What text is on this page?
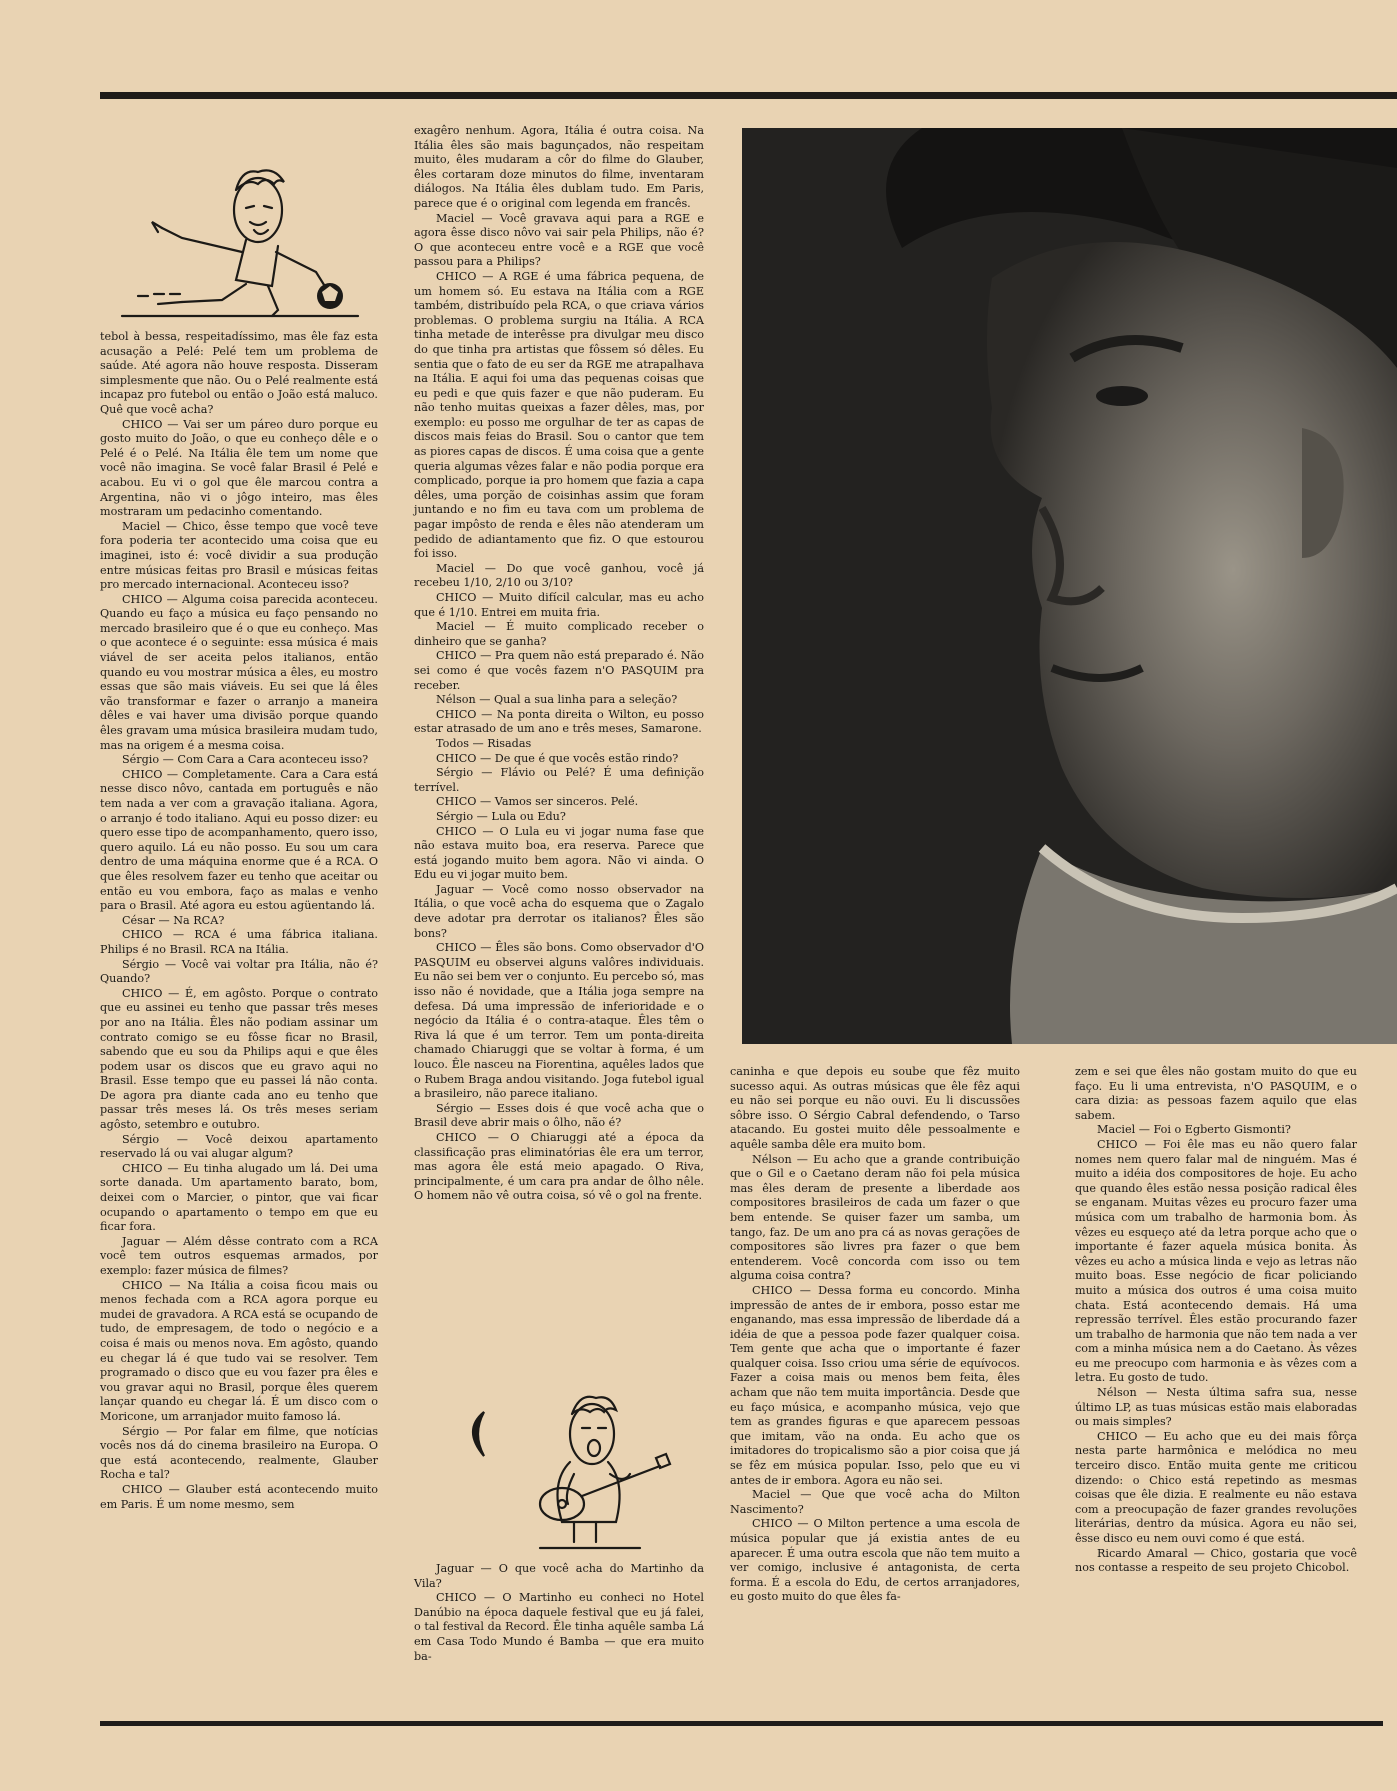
tebol à bessa, respeitadíssimo, mas êle faz esta acusação a Pelé: Pelé tem um problema de saúde. Até agora não houve resposta. Disseram simplesmente que não. Ou o Pelé realmente está incapaz pro futebol ou então o João está maluco. Quê que você acha?

CHICO — Vai ser um páreo duro porque eu gosto muito do João, o que eu conheço dêle e o Pelé é o Pelé. Na Itália êle tem um nome que você não imagina. Se você falar Brasil é Pelé e acabou. Eu vi o gol que êle marcou contra a Argentina, não vi o jôgo inteiro, mas êles mostraram um pedacinho comentando.

Maciel — Chico, êsse tempo que você teve fora poderia ter acontecido uma coisa que eu imaginei, isto é: você dividir a sua produção entre músicas feitas pro Brasil e músicas feitas pro mercado internacional. Aconteceu isso?

CHICO — Alguma coisa parecida aconteceu. Quando eu faço a música eu faço pensando no mercado brasileiro que é o que eu conheço. Mas o que acontece é o seguinte: essa música é mais viável de ser aceita pelos italianos, então quando eu vou mostrar música a êles, eu mostro essas que são mais viáveis. Eu sei que lá êles vão transformar e fazer o arranjo a maneira dêles e vai haver uma divisão porque quando êles gravam uma música brasileira mudam tudo, mas na origem é a mesma coisa.

Sérgio — Com Cara a Cara aconteceu isso?

CHICO — Completamente. Cara a Cara está nesse disco nôvo, cantada em português e não tem nada a ver com a gravação italiana. Agora, o arranjo é todo italiano. Aqui eu posso dizer: eu quero esse tipo de acompanhamento, quero isso, quero aquilo. Lá eu não posso. Eu sou um cara dentro de uma máquina enorme que é a RCA. O que êles resolvem fazer eu tenho que aceitar ou então eu vou embora, faço as malas e venho para o Brasil. Até agora eu estou agüentando lá.

César — Na RCA?

CHICO — RCA é uma fábrica italiana. Philips é no Brasil. RCA na Itália.

Sérgio — Você vai voltar pra Itália, não é? Quando?

CHICO — É, em agôsto. Porque o contrato que eu assinei eu tenho que passar três meses por ano na Itália. Êles não podiam assinar um contrato comigo se eu fôsse ficar no Brasil, sabendo que eu sou da Philips aqui e que êles podem usar os discos que eu gravo aqui no Brasil. Esse tempo que eu passei lá não conta. De agora pra diante cada ano eu tenho que passar três meses lá. Os três meses seriam agôsto, setembro e outubro.

Sérgio — Você deixou apartamento reservado lá ou vai alugar algum?

CHICO — Eu tinha alugado um lá. Dei uma sorte danada. Um apartamento barato, bom, deixei com o Marcier, o pintor, que vai ficar ocupando o apartamento o tempo em que eu ficar fora.

Jaguar — Além dêsse contrato com a RCA você tem outros esquemas armados, por exemplo: fazer música de filmes?

CHICO — Na Itália a coisa ficou mais ou menos fechada com a RCA agora porque eu mudei de gravadora. A RCA está se ocupando de tudo, de empresagem, de todo o negócio e a coisa é mais ou menos nova. Em agôsto, quando eu chegar lá é que tudo vai se resolver. Tem programado o disco que eu vou fazer pra êles e vou gravar aqui no Brasil, porque êles querem lançar quando eu chegar lá. É um disco com o Moricone, um arranjador muito famoso lá.

Sérgio — Por falar em filme, que notícias vocês nos dá do cinema brasileiro na Europa. O que está acontecendo, realmente, Glauber Rocha e tal?

CHICO — Glauber está acontecendo muito em Paris. É um nome mesmo, sem

exagêro nenhum. Agora, Itália é outra coisa. Na Itália êles são mais bagunçados, não respeitam muito, êles mudaram a côr do filme do Glauber, êles cortaram doze minutos do filme, inventaram diálogos. Na Itália êles dublam tudo. Em Paris, parece que é o original com legenda em francês.

Maciel — Você gravava aqui para a RGE e agora êsse disco nôvo vai sair pela Philips, não é? O que aconteceu entre você e a RGE que você passou para a Philips?

CHICO — A RGE é uma fábrica pequena, de um homem só. Eu estava na Itália com a RGE também, distribuído pela RCA, o que criava vários problemas. O problema surgiu na Itália. A RCA tinha metade de interêsse pra divulgar meu disco do que tinha pra artistas que fôssem só dêles. Eu sentia que o fato de eu ser da RGE me atrapalhava na Itália. E aqui foi uma das pequenas coisas que eu pedi e que quis fazer e que não puderam. Eu não tenho muitas queixas a fazer dêles, mas, por exemplo: eu posso me orgulhar de ter as capas de discos mais feias do Brasil. Sou o cantor que tem as piores capas de discos. É uma coisa que a gente queria algumas vêzes falar e não podia porque era complicado, porque ia pro homem que fazia a capa dêles, uma porção de coisinhas assim que foram juntando e no fim eu tava com um problema de pagar impôsto de renda e êles não atenderam um pedido de adiantamento que fiz. O que estourou foi isso.

Maciel — Do que você ganhou, você já recebeu 1/10, 2/10 ou 3/10?

CHICO — Muito difícil calcular, mas eu acho que é 1/10. Entrei em muita fria.

Maciel — É muito complicado receber o dinheiro que se ganha?

CHICO — Pra quem não está preparado é. Não sei como é que vocês fazem n'O PASQUIM pra receber.

Nélson — Qual a sua linha para a seleção?

CHICO — Na ponta direita o Wilton, eu posso estar atrasado de um ano e três meses, Samarone.

Todos — Risadas

CHICO — De que é que vocês estão rindo?

Sérgio — Flávio ou Pelé? É uma definição terrível.

CHICO — Vamos ser sinceros. Pelé.

Sérgio — Lula ou Edu?

CHICO — O Lula eu vi jogar numa fase que não estava muito boa, era reserva. Parece que está jogando muito bem agora. Não vi ainda. O Edu eu vi jogar muito bem.

Jaguar — Você como nosso observador na Itália, o que você acha do esquema que o Zagalo deve adotar pra derrotar os italianos? Êles são bons?

CHICO — Êles são bons. Como observador d'O PASQUIM eu observei alguns valôres individuais. Eu não sei bem ver o conjunto. Eu percebo só, mas isso não é novidade, que a Itália joga sempre na defesa. Dá uma impressão de inferioridade e o negócio da Itália é o contra-ataque. Êles têm o Riva lá que é um terror. Tem um ponta-direita chamado Chiaruggi que se voltar à forma, é um louco. Êle nasceu na Fiorentina, aquêles lados que o Rubem Braga andou visitando. Joga futebol igual a brasileiro, não parece italiano.

Sérgio — Esses dois é que você acha que o Brasil deve abrir mais o ôlho, não é?

CHICO — O Chiaruggi até a época da classificação pras eliminatórias êle era um terror, mas agora êle está meio apagado. O Riva, principalmente, é um cara pra andar de ôlho nêle. O homem não vê outra coisa, só vê o gol na frente.

Jaguar — O que você acha do Martinho da Vila?

CHICO — O Martinho eu conheci no Hotel Danúbio na época daquele festival que eu já falei, o tal festival da Record. Êle tinha aquêle samba Lá em Casa Todo Mundo é Bamba — que era muito ba-

caninha e que depois eu soube que fêz muito sucesso aqui. As outras músicas que êle fêz aqui eu não sei porque eu não ouvi. Eu li discussões sôbre isso. O Sérgio Cabral defendendo, o Tarso atacando. Eu gostei muito dêle pessoalmente e aquêle samba dêle era muito bom.

Nélson — Eu acho que a grande contribuição que o Gil e o Caetano deram não foi pela música mas êles deram de presente a liberdade aos compositores brasileiros de cada um fazer o que bem entende. Se quiser fazer um samba, um tango, faz. De um ano pra cá as novas gerações de compositores são livres pra fazer o que bem entenderem. Você concorda com isso ou tem alguma coisa contra?

CHICO — Dessa forma eu concordo. Minha impressão de antes de ir embora, posso estar me enganando, mas essa impressão de liberdade dá a idéia de que a pessoa pode fazer qualquer coisa. Tem gente que acha que o importante é fazer qualquer coisa. Isso criou uma série de equívocos. Fazer a coisa mais ou menos bem feita, êles acham que não tem muita importância. Desde que eu faço música, e acompanho música, vejo que tem as grandes figuras e que aparecem pessoas que imitam, vão na onda. Eu acho que os imitadores do tropicalismo são a pior coisa que já se fêz em música popular. Isso, pelo que eu vi antes de ir embora. Agora eu não sei.

Maciel — Que que você acha do Milton Nascimento?

CHICO — O Milton pertence a uma escola de música popular que já existia antes de eu aparecer. É uma outra escola que não tem muito a ver comigo, inclusive é antagonista, de certa forma. É a escola do Edu, de certos arranjadores, eu gosto muito do que êles fa-

zem e sei que êles não gostam muito do que eu faço. Eu li uma entrevista, n'O PASQUIM, e o cara dizia: as pessoas fazem aquilo que elas sabem.

Maciel — Foi o Egberto Gismonti?

CHICO — Foi êle mas eu não quero falar nomes nem quero falar mal de ninguém. Mas é muito a idéia dos compositores de hoje. Eu acho que quando êles estão nessa posição radical êles se enganam. Muitas vêzes eu procuro fazer uma música com um trabalho de harmonia bom. Às vêzes eu esqueço até da letra porque acho que o importante é fazer aquela música bonita. Às vêzes eu acho a música linda e vejo as letras não muito boas. Esse negócio de ficar policiando muito a música dos outros é uma coisa muito chata. Está acontecendo demais. Há uma repressão terrível. Êles estão procurando fazer um trabalho de harmonia que não tem nada a ver com a minha música nem a do Caetano. Às vêzes eu me preocupo com harmonia e às vêzes com a letra. Eu gosto de tudo.

Nélson — Nesta última safra sua, nesse último LP, as tuas músicas estão mais elaboradas ou mais simples?

CHICO — Eu acho que eu dei mais fôrça nesta parte harmônica e melódica no meu terceiro disco. Então muita gente me criticou dizendo: o Chico está repetindo as mesmas coisas que êle dizia. E realmente eu não estava com a preocupação de fazer grandes revoluções literárias, dentro da música. Agora eu não sei, êsse disco eu nem ouvi como é que está.

Ricardo Amaral — Chico, gostaria que você nos contasse a respeito de seu projeto Chicobol.
